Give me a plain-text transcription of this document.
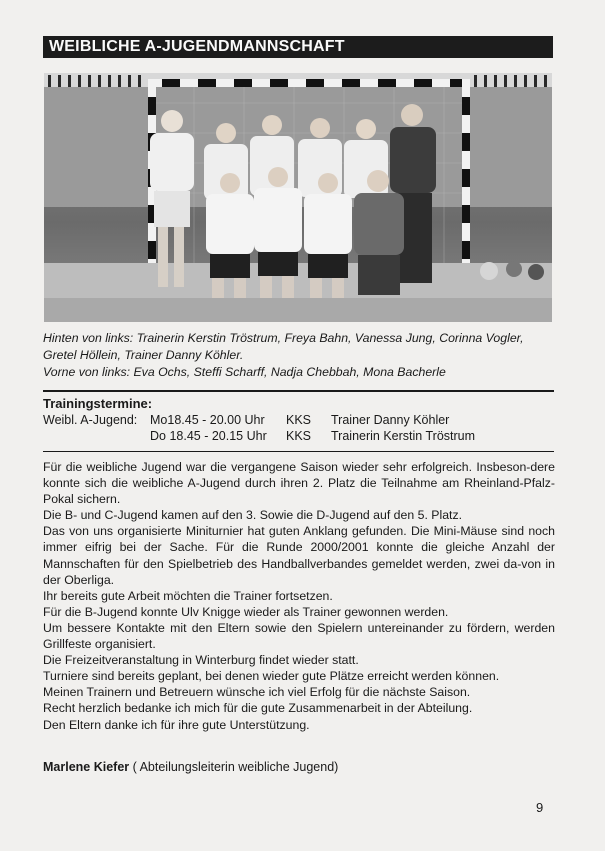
WEIBLICHE A-JUGENDMANNSCHAFT
Hinten von links: Trainerin Kerstin Tröstrum, Freya Bahn, Vanessa Jung, Corinna Vogler, Gretel Höllein, Trainer Danny Köhler.
Vorne von links: Eva Ochs, Steffi Scharff, Nadja Chebbah, Mona Bacherle
Trainingstermine:
Weibl. A-Jugend: Mo18.45 - 20.00 Uhr KKS Trainer Danny Köhler
Do 18.45 - 20.15 Uhr KKS Trainerin Kerstin Tröstrum

Für die weibliche Jugend war die vergangene Saison wieder sehr erfolgreich. Insbeson-dere konnte sich die weibliche A-Jugend durch ihren 2. Platz die Teilnahme am Rheinland-Pfalz-Pokal sichern.

Die B- und C-Jugend kamen auf den 3. Sowie die D-Jugend auf den 5. Platz.

Das von uns organisierte Miniturnier hat guten Anklang gefunden. Die Mini-Mäuse sind noch immer eifrig bei der Sache. Für die Runde 2000/2001 konnte die gleiche Anzahl der Mannschaften für den Spielbetrieb des Handballverbandes gemeldet werden, zwei da-von in der Oberliga.

Ihr bereits gute Arbeit möchten die Trainer fortsetzen.

Für die B-Jugend konnte Ulv Knigge wieder als Trainer gewonnen werden.

Um bessere Kontakte mit den Eltern sowie den Spielern untereinander zu fördern, werden Grillfeste organisiert.

Die Freizeitveranstaltung in Winterburg findet wieder statt.

Turniere sind bereits geplant, bei denen wieder gute Plätze erreicht werden können.

Meinen Trainern und Betreuern wünsche ich viel Erfolg für die nächste Saison.

Recht herzlich bedanke ich mich für die gute Zusammenarbeit in der Abteilung.

Den Eltern danke ich für ihre gute Unterstützung.

Marlene Kiefer ( Abteilungsleiterin weibliche Jugend)
9
